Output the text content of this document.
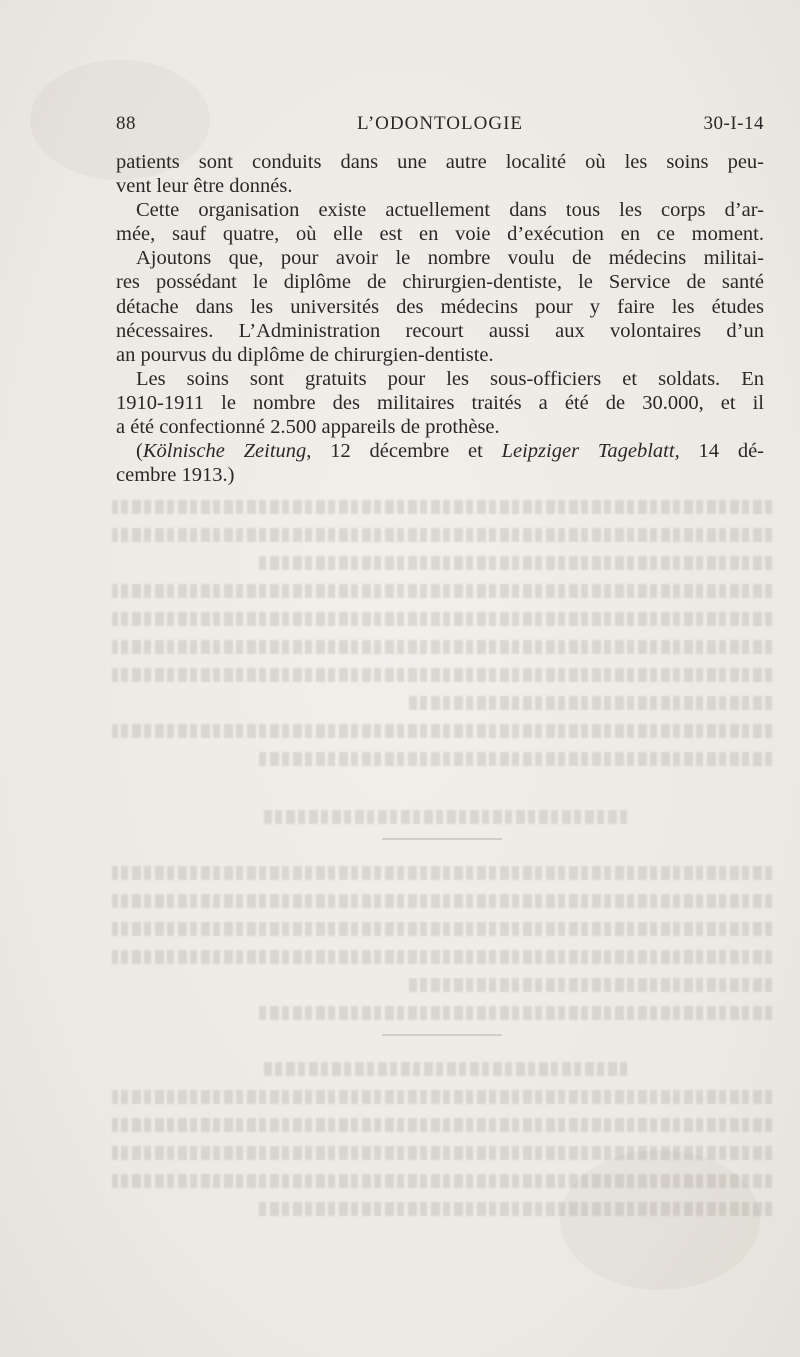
88	L’ODONTOLOGIE	30-I-14

patients sont conduits dans une autre localité où les soins peu-

vent leur être donnés.

Cette organisation existe actuellement dans tous les corps d’ar-

mée, sauf quatre, où elle est en voie d’exécution en ce moment.

Ajoutons que, pour avoir le nombre voulu de médecins militai-

res possédant le diplôme de chirurgien-dentiste, le Service de santé

détache dans les universités des médecins pour y faire les études

nécessaires. L’Administration recourt aussi aux volontaires d’un

an pourvus du diplôme de chirurgien-dentiste.

Les soins sont gratuits pour les sous-officiers et soldats. En

1910-1911 le nombre des militaires traités a été de 30.000, et il

a été confectionné 2.500 appareils de prothèse.

(Kölnische Zeitung, 12 décembre et Leipziger Tageblatt, 14 dé-

cembre 1913.)
